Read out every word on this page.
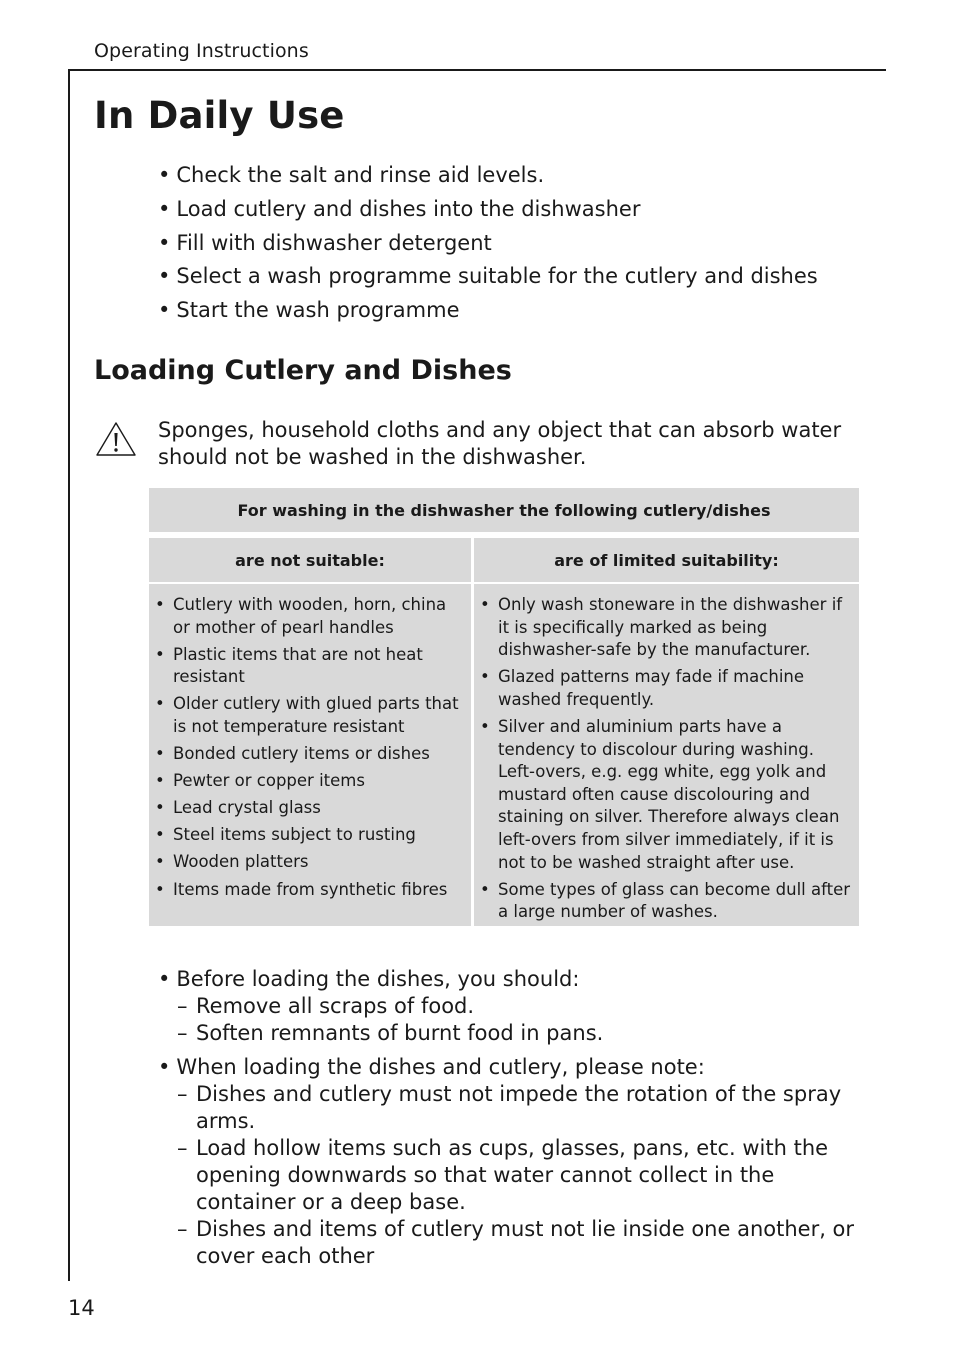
Operating Instructions
In Daily Use
• Check the salt and rinse aid levels.
• Load cutlery and dishes into the dishwasher
• Fill with dishwasher detergent
• Select a wash programme suitable for the cutlery and dishes
• Start the wash programme
Loading Cutlery and Dishes

Sponges, household cloths and any object that can absorb water should not be washed in the dishwasher.

For washing in the dishwasher the following cutlery/dishes
are not suitable:	are of limited suitability:
• Cutlery with wooden, horn, china or mother of pearl handles
• Plastic items that are not heat resistant
• Older cutlery with glued parts that is not temperature resistant
• Bonded cutlery items or dishes
• Pewter or copper items
• Lead crystal glass
• Steel items subject to rusting
• Wooden platters
• Items made from synthetic fibres
• Only wash stoneware in the dishwasher if it is specifically marked as being dishwasher-safe by the manufacturer.
• Glazed patterns may fade if machine washed frequently.
• Silver and aluminium parts have a tendency to discolour during washing. Left-overs, e.g. egg white, egg yolk and mustard often cause discolouring and staining on silver. Therefore always clean left-overs from silver immediately, if it is not to be washed straight after use.
• Some types of glass can become dull after a large number of washes.
• Before loading the dishes, you should:
– Remove all scraps of food.
– Soften remnants of burnt food in pans.
• When loading the dishes and cutlery, please note:
– Dishes and cutlery must not impede the rotation of the spray arms.
– Load hollow items such as cups, glasses, pans, etc. with the opening downwards so that water cannot collect in the container or a deep base.
– Dishes and items of cutlery must not lie inside one another, or cover each other
14
